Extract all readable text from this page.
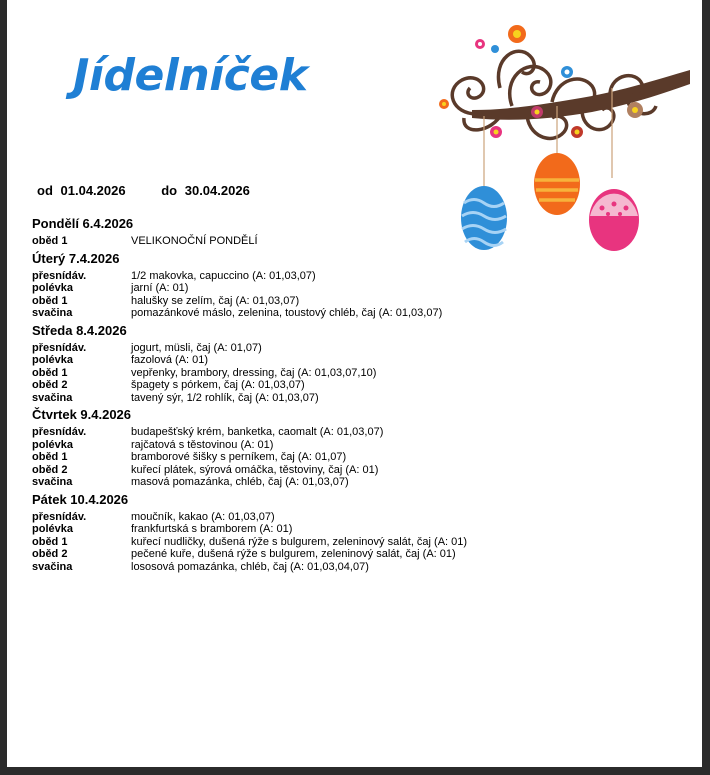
Jídelníček
od 01.04.2026	do 30.04.2026
Pondělí 6.4.2026
oběd 1	VELIKONOČNÍ PONDĚLÍ
Úterý 7.4.2026
přesnídáv.	1/2 makovka, capuccino (A: 01,03,07)
polévka	jarní (A: 01)
oběd 1	halušky se zelím, čaj (A: 01,03,07)
svačina	pomazánkové máslo, zelenina, toustový chléb, čaj (A: 01,03,07)
Středa 8.4.2026
přesnídáv.	jogurt, müsli, čaj (A: 01,07)
polévka	fazolová (A: 01)
oběd 1	vepřenky, brambory, dressing, čaj (A: 01,03,07,10)
oběd 2	špagety s pórkem, čaj (A: 01,03,07)
svačina	tavený sýr, 1/2 rohlík, čaj (A: 01,03,07)
Čtvrtek 9.4.2026
přesnídáv.	budapešťský krém, banketka, caomalt (A: 01,03,07)
polévka	rajčatová s těstovinou (A: 01)
oběd 1	bramborové šišky s perníkem, čaj (A: 01,07)
oběd 2	kuřecí plátek, sýrová omáčka, těstoviny, čaj (A: 01)
svačina	masová pomazánka, chléb, čaj (A: 01,03,07)
Pátek 10.4.2026
přesnídáv.	moučník, kakao (A: 01,03,07)
polévka	frankfurtská s bramborem (A: 01)
oběd 1	kuřecí nudličky, dušená rýže s bulgurem, zeleninový salát, čaj (A: 01)
oběd 2	pečené kuře, dušená rýže s bulgurem, zeleninový salát, čaj (A: 01)
svačina	lososová pomazánka, chléb, čaj (A: 01,03,04,07)
